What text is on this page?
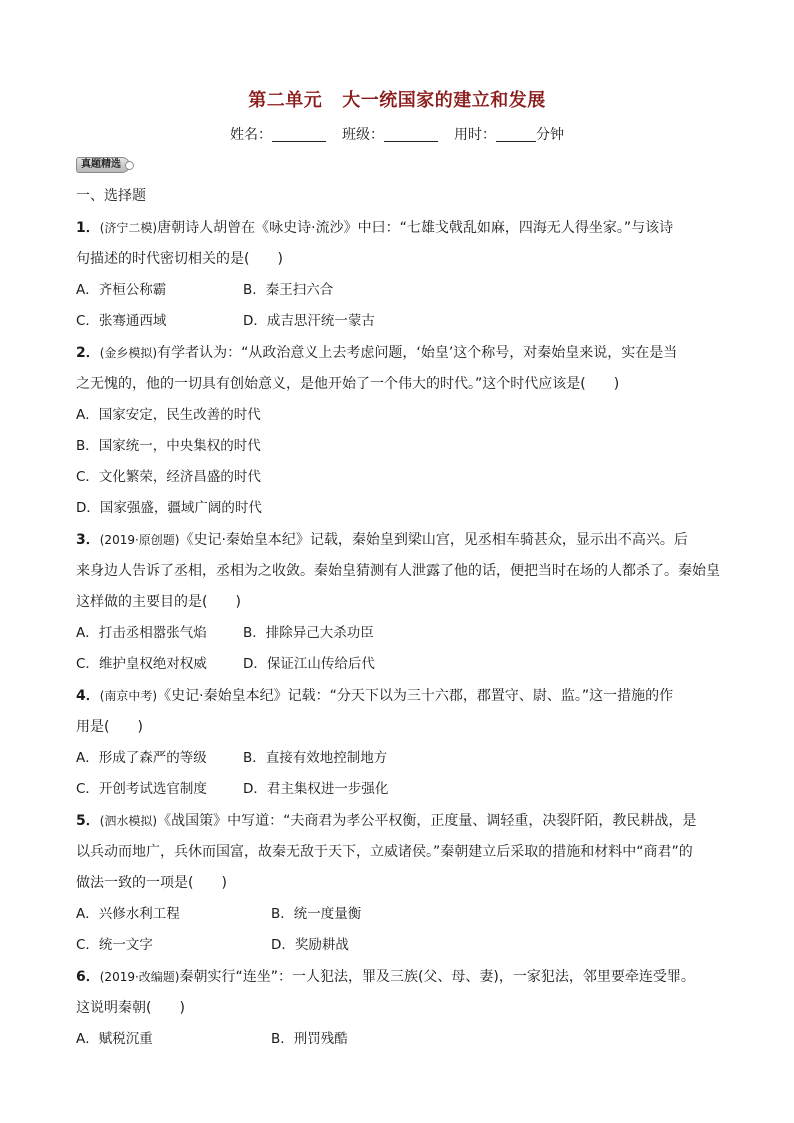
第二单元 大一统国家的建立和发展
姓名：	班级：	用时：	分钟
真题精选
一、选择题
1．(济宁二模)唐朝诗人胡曾在《咏史诗·流沙》中曰：“七雄戈戟乱如麻，四海无人得坐家。”与该诗
句描述的时代密切相关的是(　　)
A．齐桓公称霸	B．秦王扫六合
C．张骞通西域	D．成吉思汗统一蒙古
2．(金乡模拟)有学者认为：“从政治意义上去考虑问题，‘始皇’这个称号，对秦始皇来说，实在是当
之无愧的，他的一切具有创始意义，是他开始了一个伟大的时代。”这个时代应该是(　　)
A．国家安定，民生改善的时代
B．国家统一，中央集权的时代
C．文化繁荣，经济昌盛的时代
D．国家强盛，疆域广阔的时代
3．(2019·原创题)《史记·秦始皇本纪》记载，秦始皇到梁山宫，见丞相车骑甚众，显示出不高兴。后
来身边人告诉了丞相，丞相为之收敛。秦始皇猜测有人泄露了他的话，便把当时在场的人都杀了。秦始皇
这样做的主要目的是(　　)
A．打击丞相嚣张气焰	B．排除异己大杀功臣
C．维护皇权绝对权威	D．保证江山传给后代
4．(南京中考)《史记·秦始皇本纪》记载：“分天下以为三十六郡，郡置守、尉、监。”这一措施的作
用是(　　)
A．形成了森严的等级	B．直接有效地控制地方
C．开创考试选官制度	D．君主集权进一步强化
5．(泗水模拟)《战国策》中写道：“夫商君为孝公平权衡，正度量、调轻重，决裂阡陌，教民耕战，是
以兵动而地广，兵休而国富，故秦无敌于天下，立威诸侯。”秦朝建立后采取的措施和材料中“商君”的
做法一致的一项是(　　)
A．兴修水利工程	B．统一度量衡
C．统一文字	D．奖励耕战
6．(2019·改编题)秦朝实行“连坐”：一人犯法，罪及三族(父、母、妻)，一家犯法，邻里要牵连受罪。
这说明秦朝(　　)
A．赋税沉重	B．刑罚残酷
